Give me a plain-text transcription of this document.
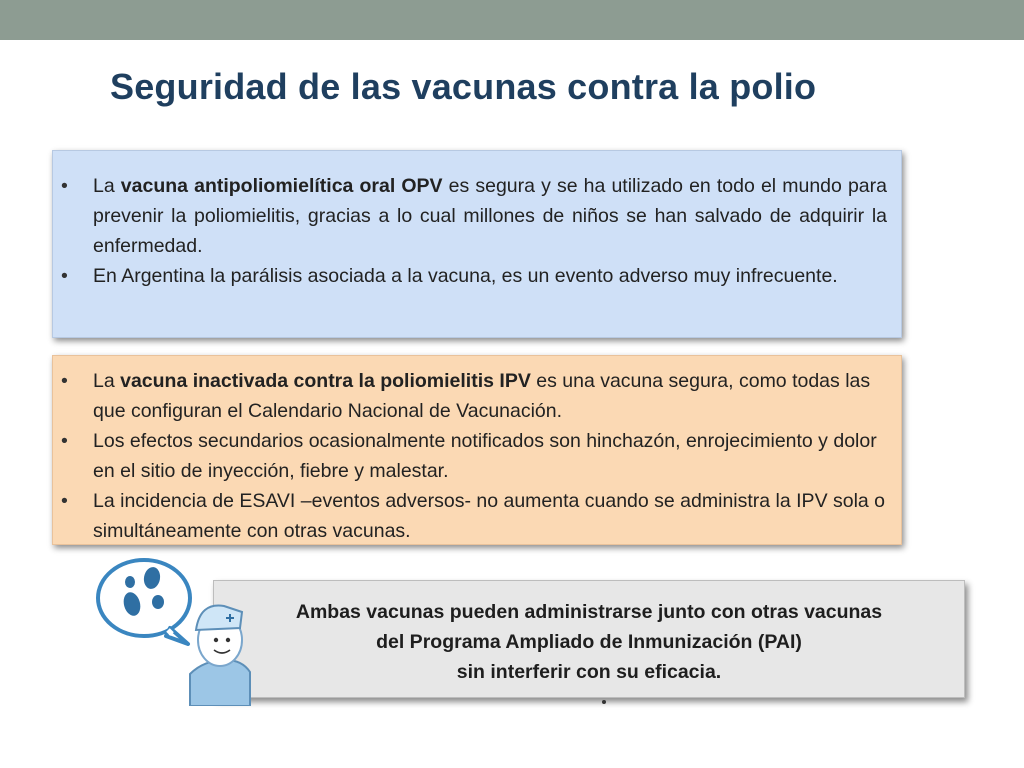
Seguridad de las vacunas contra la polio
• La vacuna antipoliomielítica oral OPV es segura y se ha utilizado en todo el mundo para prevenir la poliomielitis, gracias a lo cual millones de niños se han salvado de adquirir la enfermedad.
• En Argentina la parálisis asociada a la vacuna, es un evento adverso muy infrecuente.
• La vacuna inactivada contra la poliomielitis IPV es una vacuna segura, como todas las que configuran el Calendario Nacional de Vacunación.
• Los efectos secundarios ocasionalmente notificados son hinchazón, enrojecimiento y dolor en el sitio de inyección, fiebre y malestar.
• La incidencia de ESAVI –eventos adversos- no aumenta cuando se administra la IPV sola o simultáneamente con otras vacunas.
Ambas vacunas pueden administrarse junto con otras vacunas
del Programa Ampliado de Inmunización (PAI)
sin interferir con su eficacia.
